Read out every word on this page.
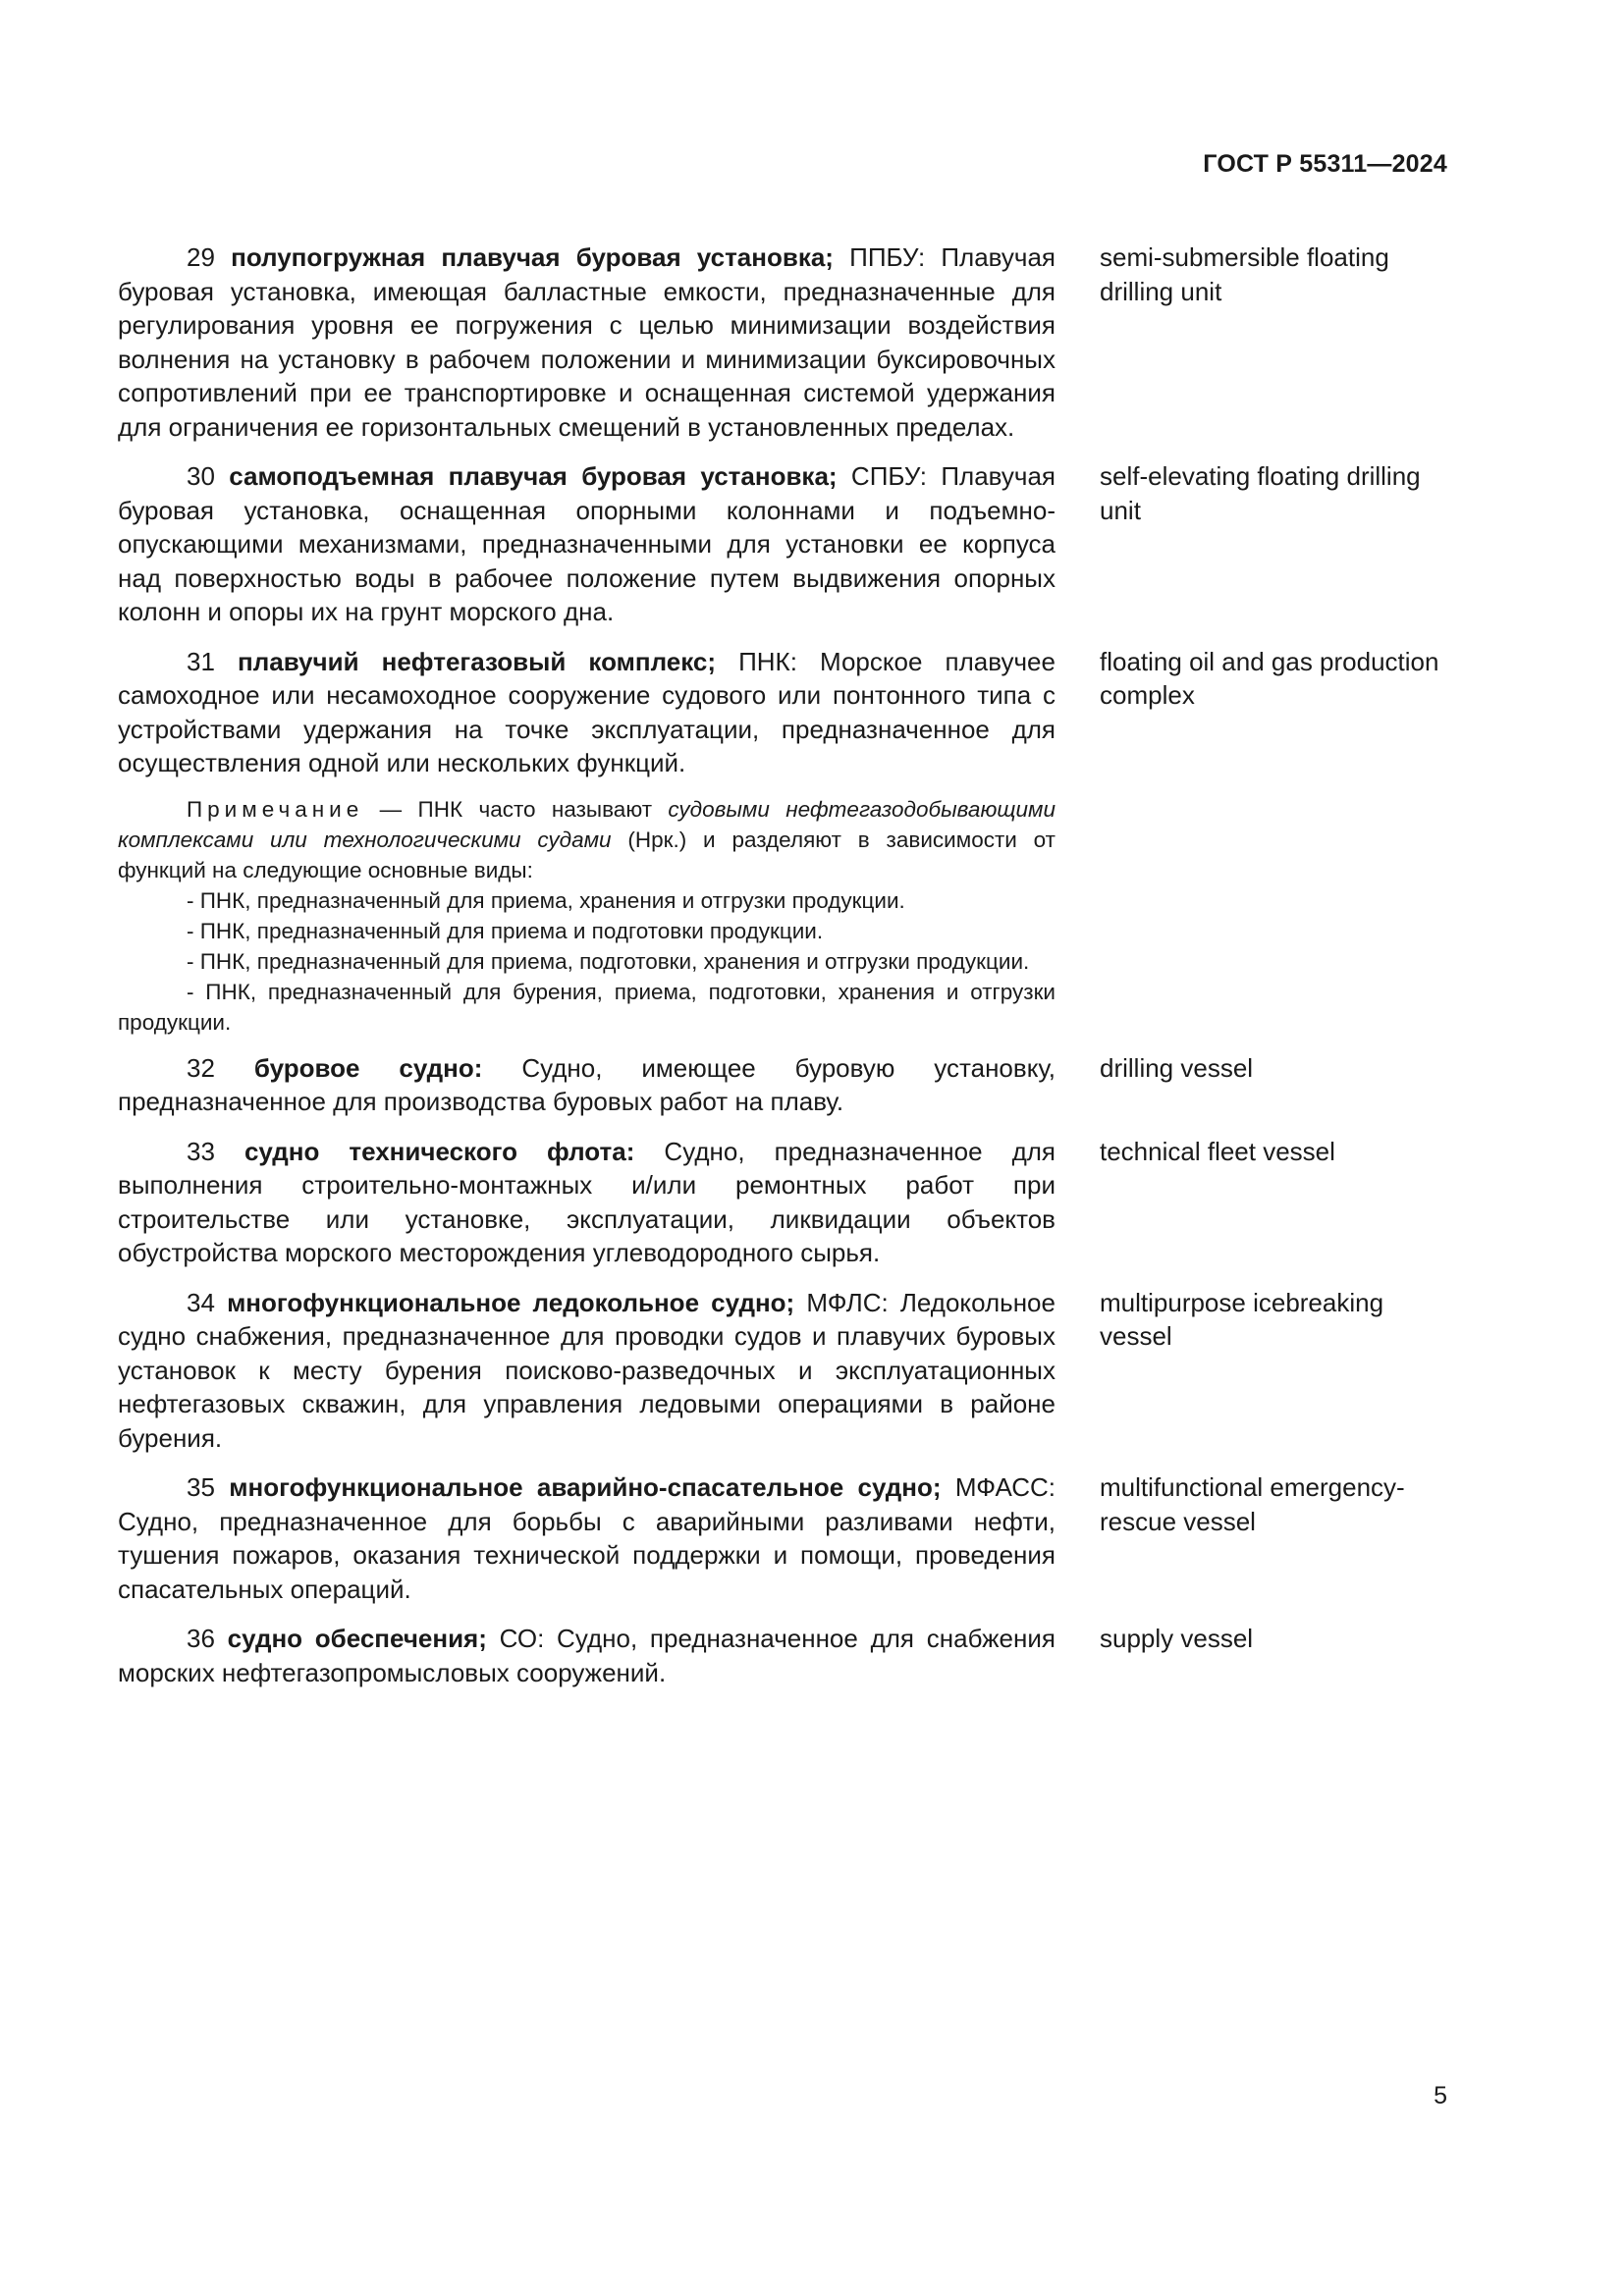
ГОСТ Р 55311—2024

29 полупогружная плавучая буровая установка; ППБУ: Плавучая буровая установка, имеющая балластные емкости, предназначенные для регулирования уровня ее погружения с целью минимизации воздействия волнения на установку в рабочем положении и минимизации буксировочных сопротивлений при ее транспортировке и оснащенная системой удержания для ограничения ее горизонтальных смещений в установленных пределах.

semi-submersible floating drilling unit

30 самоподъемная плавучая буровая установка; СПБУ: Плавучая буровая установка, оснащенная опорными колоннами и подъемно-опускающими механизмами, предназначенными для установки ее корпуса над поверхностью воды в рабочее положение путем выдвижения опорных колонн и опоры их на грунт морского дна.

self-elevating floating drilling unit

31 плавучий нефтегазовый комплекс; ПНК: Морское плавучее самоходное или несамоходное сооружение судового или понтонного типа с устройствами удержания на точке эксплуатации, предназначенное для осуществления одной или нескольких функций.

floating oil and gas production complex

Примечание — ПНК часто называют судовыми нефтегазодобывающими комплексами или технологическими судами (Нрк.) и разделяют в зависимости от функций на следующие основные виды:

- ПНК, предназначенный для приема, хранения и отгрузки продукции.

- ПНК, предназначенный для приема и подготовки продукции.

- ПНК, предназначенный для приема, подготовки, хранения и отгрузки продукции.

- ПНК, предназначенный для бурения, приема, подготовки, хранения и отгрузки продукции.

32 буровое судно: Судно, имеющее буровую установку, предназначенное для производства буровых работ на плаву.

drilling vessel

33 судно технического флота: Судно, предназначенное для выполнения строительно-монтажных и/или ремонтных работ при строительстве или установке, эксплуатации, ликвидации объектов обустройства морского месторождения углеводородного сырья.

technical fleet vessel

34 многофункциональное ледокольное судно; МФЛС: Ледокольное судно снабжения, предназначенное для проводки судов и плавучих буровых установок к месту бурения поисково-разведочных и эксплуатационных нефтегазовых скважин, для управления ледовыми операциями в районе бурения.

multipurpose icebreaking vessel

35 многофункциональное аварийно-спасательное судно; МФАСС: Судно, предназначенное для борьбы с аварийными разливами нефти, тушения пожаров, оказания технической поддержки и помощи, проведения спасательных операций.

multifunctional emergency-rescue vessel

36 судно обеспечения; СО: Судно, предназначенное для снабжения морских нефтегазопромысловых сооружений.

supply vessel
5
